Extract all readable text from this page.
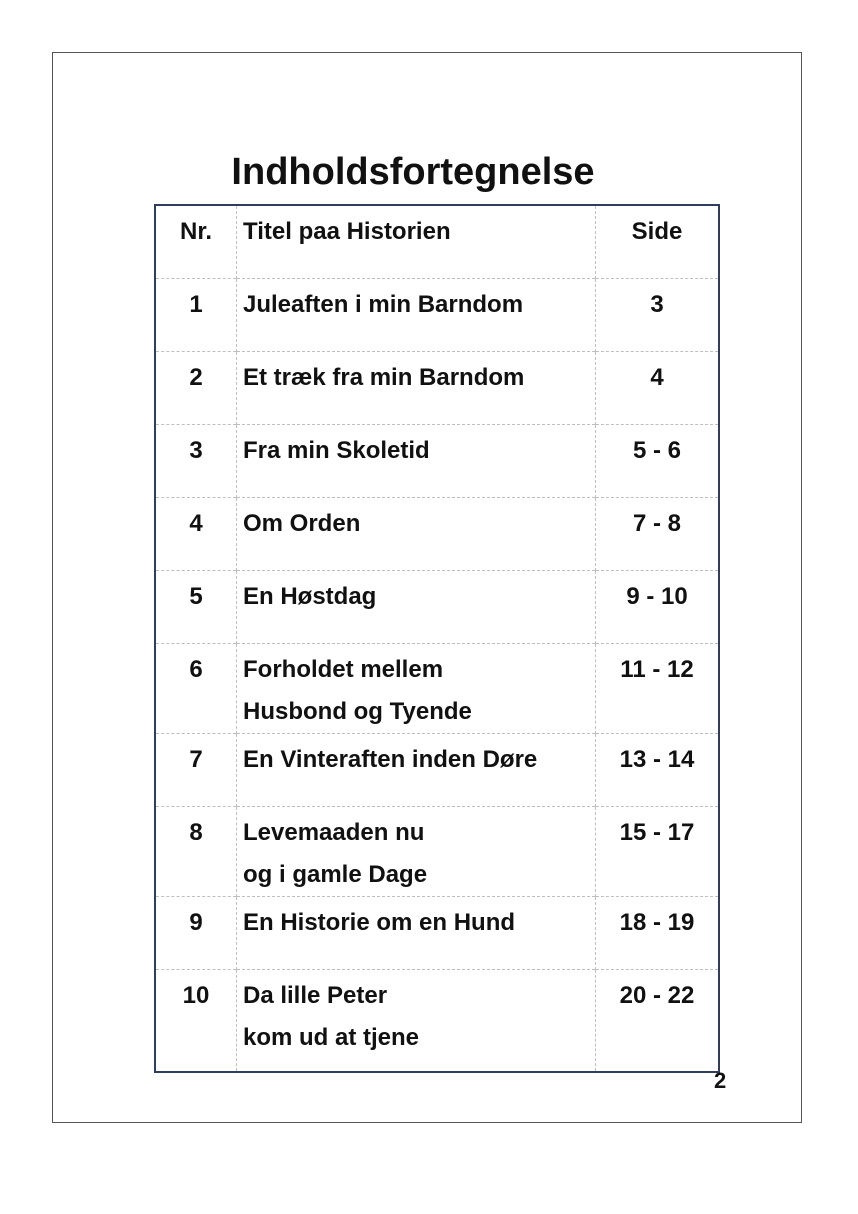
Indholdsfortegnelse
Nr.	Titel paa Historien	Side
1	Juleaften i min Barndom	3
2	Et træk fra min Barndom	4
3	Fra min Skoletid	5 - 6
4	Om Orden	7 - 8
5	En Høstdag	9 - 10
6	Forholdet mellem
Husbond og Tyende	11 - 12
7	En Vinteraften inden Døre	13 - 14
8	Levemaaden nu
og i gamle Dage	15 - 17
9	En Historie om en Hund	18 - 19
10	Da lille Peter
kom ud at tjene	20 - 22
2
